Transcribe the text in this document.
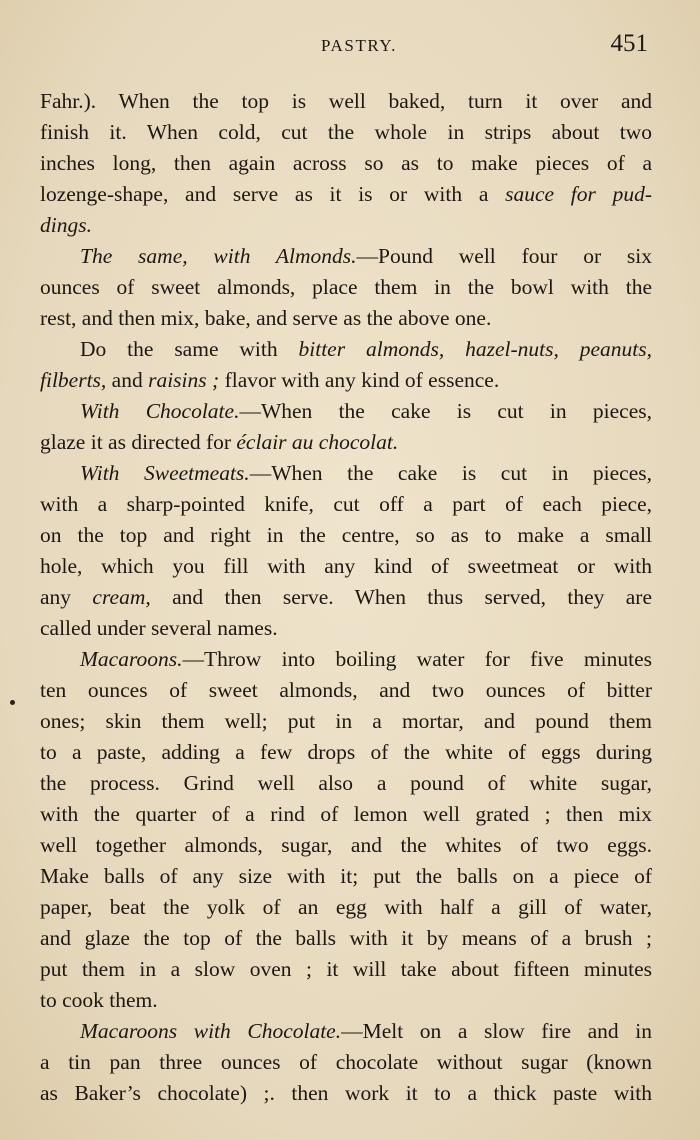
PASTRY.	451
Fahr.). When the top is well baked, turn it over and
finish it. When cold, cut the whole in strips about two
inches long, then again across so as to make pieces of a
lozenge-shape, and serve as it is or with a sauce for pud-
dings.
The same, with Almonds.—Pound well four or six
ounces of sweet almonds, place them in the bowl with the
rest, and then mix, bake, and serve as the above one.
Do the same with bitter almonds, hazel-nuts, peanuts,
filberts, and raisins ; flavor with any kind of essence.
With Chocolate.—When the cake is cut in pieces,
glaze it as directed for éclair au chocolat.
With Sweetmeats.—When the cake is cut in pieces,
with a sharp-pointed knife, cut off a part of each piece,
on the top and right in the centre, so as to make a small
hole, which you fill with any kind of sweetmeat or with
any cream, and then serve. When thus served, they are
called under several names.
Macaroons.—Throw into boiling water for five minutes
ten ounces of sweet almonds, and two ounces of bitter
ones; skin them well; put in a mortar, and pound them
to a paste, adding a few drops of the white of eggs during
the process. Grind well also a pound of white sugar,
with the quarter of a rind of lemon well grated ; then mix
well together almonds, sugar, and the whites of two eggs.
Make balls of any size with it; put the balls on a piece of
paper, beat the yolk of an egg with half a gill of water,
and glaze the top of the balls with it by means of a brush ;
put them in a slow oven ; it will take about fifteen minutes
to cook them.
Macaroons with Chocolate.—Melt on a slow fire and in
a tin pan three ounces of chocolate without sugar (known
as Baker’s chocolate) ;. then work it to a thick paste with
